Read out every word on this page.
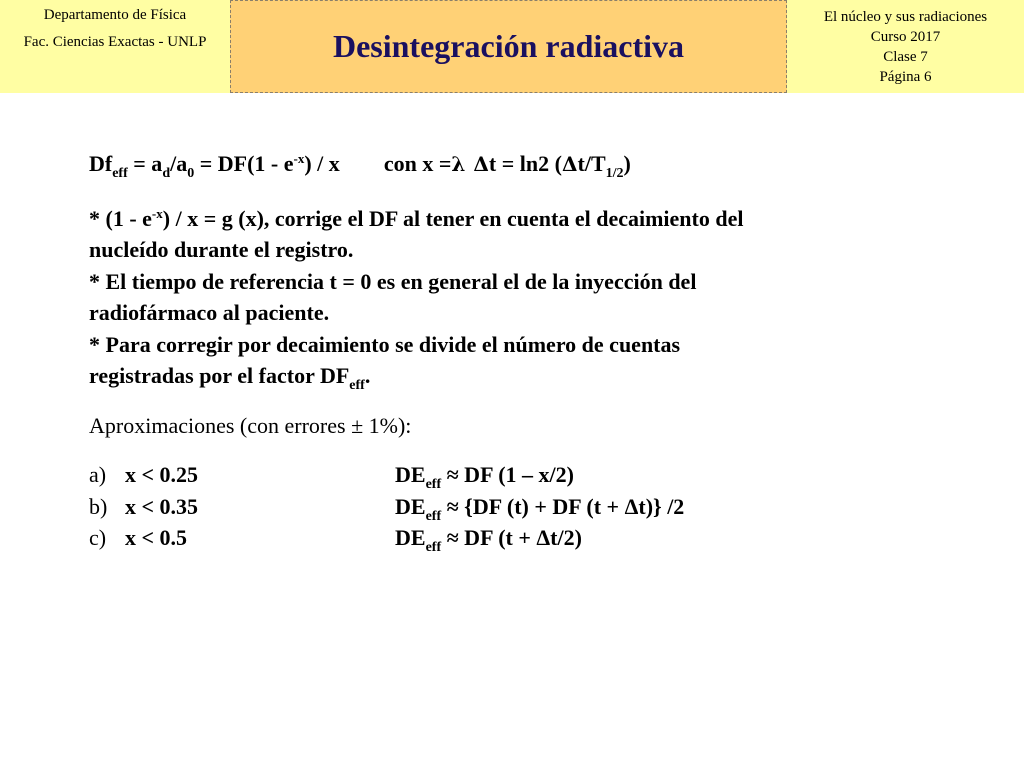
Departamento de Física
Fac. Ciencias Exactas - UNLP	Desintegración radiactiva
El núcleo y sus radiaciones
Curso 2017
Clase 7
Página 6
$Df_{eff} = a_d/a_0 = DF(1 - e^{-x}) / x$ con x =λ Δt = ln2 $(\Delta t/T_{1/2})$
* $(1 - e^{-x}) / x = g$ (x), corrige el DF al tener en cuenta el decaimiento del
nucleído durante el registro.
* El tiempo de referencia t = 0 es en general el de la inyección del
radiofármaco al paciente.
* Para corregir por decaimiento se divide el número de cuentas
registradas por el factor $DF_{eff}$.
Aproximaciones (con errores ± 1%):
a) x < 0.25	$DE_{eff}$ ≈ DF (1 – x/2)
b) x < 0.35	$DE_{eff} \approx \{DF$ (t) + DF (t + Δt)} /2
c) x < 0.5	$DE_{eff}$ ≈ DF (t + Δt/2)
